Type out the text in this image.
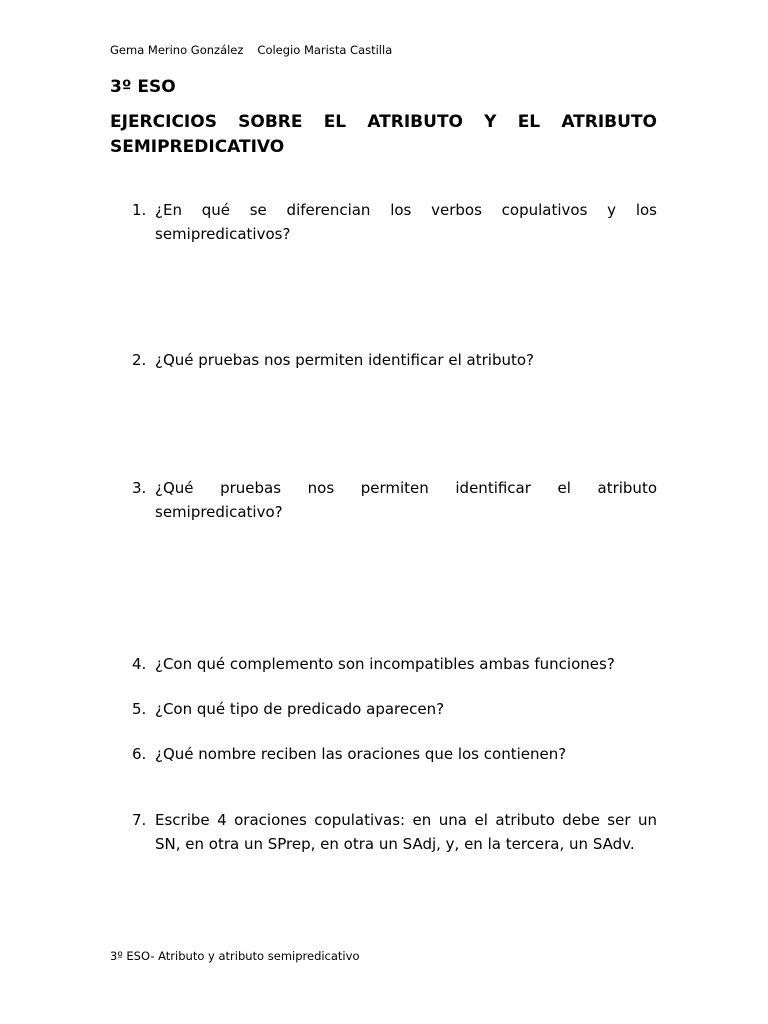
Gema Merino González Colegio Marista Castilla
3º ESO
EJERCICIOS SOBRE EL ATRIBUTO Y EL ATRIBUTO
SEMIPREDICATIVO
1. ¿En qué se diferencian los verbos copulativos y los semipredicativos?
2. ¿Qué pruebas nos permiten identificar el atributo?
3. ¿Qué pruebas nos permiten identificar el atributo semipredicativo?
4. ¿Con qué complemento son incompatibles ambas funciones?
5. ¿Con qué tipo de predicado aparecen?
6. ¿Qué nombre reciben las oraciones que los contienen?
7. Escribe 4 oraciones copulativas: en una el atributo debe ser un SN, en otra un SPrep, en otra un SAdj, y, en la tercera, un SAdv.
3º ESO- Atributo y atributo semipredicativo
